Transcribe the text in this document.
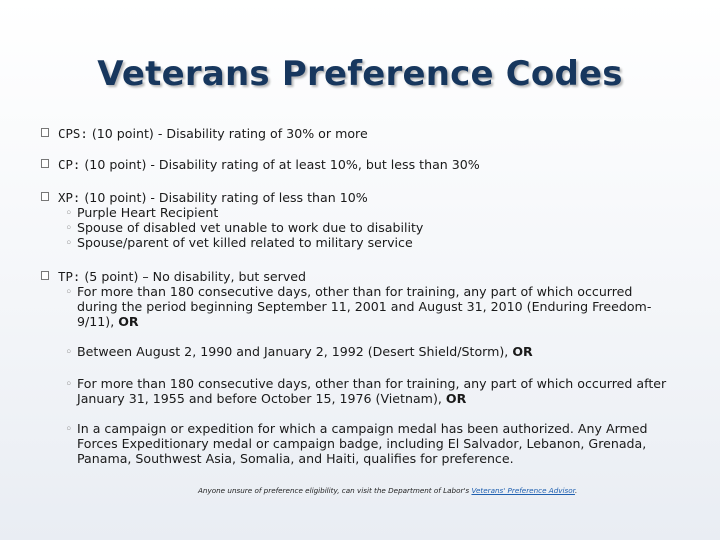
Veterans Preference Codes
CPS: (10 point) - Disability rating of 30% or more
CP: (10 point) - Disability rating of at least 10%, but less than 30%
XP: (10 point) - Disability rating of less than 10%
◦ Purple Heart Recipient
◦ Spouse of disabled vet unable to work due to disability
◦ Spouse/parent of vet killed related to military service
TP: (5 point) – No disability, but served
◦ For more than 180 consecutive days, other than for training, any part of which occurred during the period beginning September 11, 2001 and August 31, 2010 (Enduring Freedom-9/11), OR
◦ Between August 2, 1990 and January 2, 1992 (Desert Shield/Storm), OR
◦ For more than 180 consecutive days, other than for training, any part of which occurred after January 31, 1955 and before October 15, 1976 (Vietnam), OR
◦ In a campaign or expedition for which a campaign medal has been authorized. Any Armed Forces Expeditionary medal or campaign badge, including El Salvador, Lebanon, Grenada, Panama, Southwest Asia, Somalia, and Haiti, qualifies for preference.
Anyone unsure of preference eligibility, can visit the Department of Labor's Veterans' Preference Advisor.
